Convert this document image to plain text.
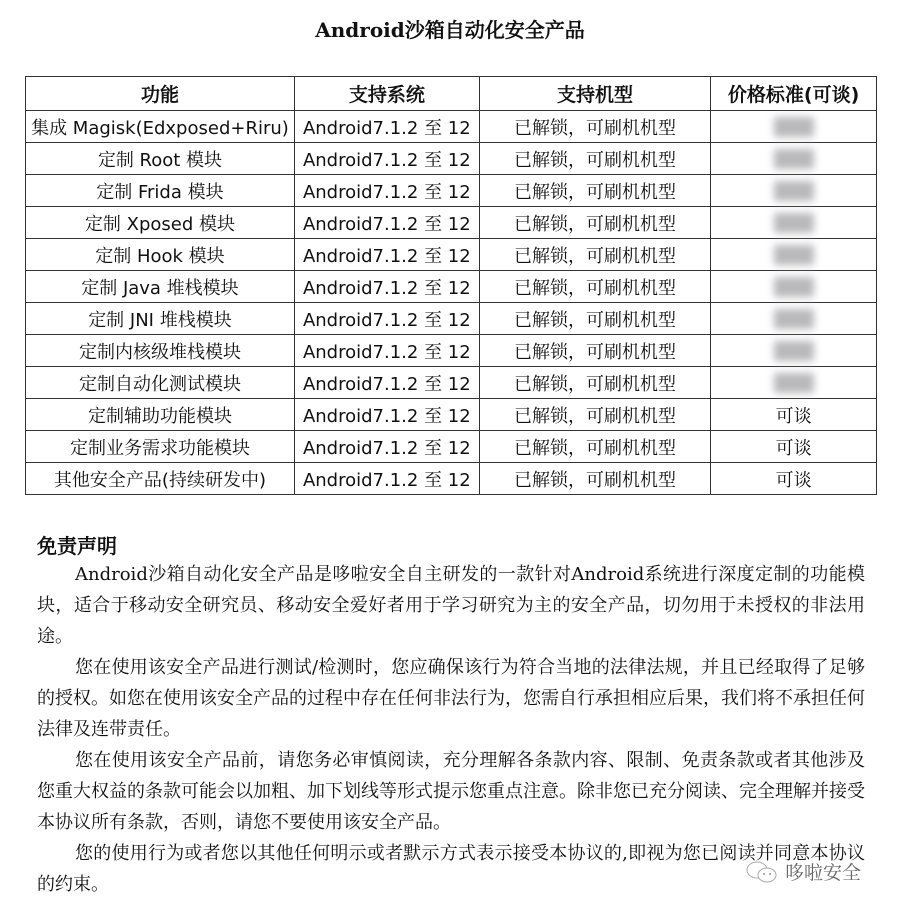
Android沙箱自动化安全产品
功能	支持系统	支持机型	价格标准(可谈)
集成 Magisk(Edxposed+Riru)	Android7.1.2 至 12	已解锁，可刷机机型	
定制 Root 模块	Android7.1.2 至 12	已解锁，可刷机机型	
定制 Frida 模块	Android7.1.2 至 12	已解锁，可刷机机型	
定制 Xposed 模块	Android7.1.2 至 12	已解锁，可刷机机型	
定制 Hook 模块	Android7.1.2 至 12	已解锁，可刷机机型	
定制 Java 堆栈模块	Android7.1.2 至 12	已解锁，可刷机机型	
定制 JNI 堆栈模块	Android7.1.2 至 12	已解锁，可刷机机型	
定制内核级堆栈模块	Android7.1.2 至 12	已解锁，可刷机机型	
定制自动化测试模块	Android7.1.2 至 12	已解锁，可刷机机型	
定制辅助功能模块	Android7.1.2 至 12	已解锁，可刷机机型	可谈
定制业务需求功能模块	Android7.1.2 至 12	已解锁，可刷机机型	可谈
其他安全产品(持续研发中)	Android7.1.2 至 12	已解锁，可刷机机型	可谈
免责声明
Android沙箱自动化安全产品是哆啦安全自主研发的一款针对Android系统进行深度定制的功能模块，适合于移动安全研究员、移动安全爱好者用于学习研究为主的安全产品，切勿用于未授权的非法用途。
您在使用该安全产品进行测试/检测时，您应确保该行为符合当地的法律法规，并且已经取得了足够的授权。如您在使用该安全产品的过程中存在任何非法行为，您需自行承担相应后果，我们将不承担任何法律及连带责任。
您在使用该安全产品前，请您务必审慎阅读，充分理解各条款内容、限制、免责条款或者其他涉及您重大权益的条款可能会以加粗、加下划线等形式提示您重点注意。除非您已充分阅读、完全理解并接受本协议所有条款，否则，请您不要使用该安全产品。
您的使用行为或者您以其他任何明示或者默示方式表示接受本协议的,即视为您已阅读并同意本协议的约束。
哆啦安全
